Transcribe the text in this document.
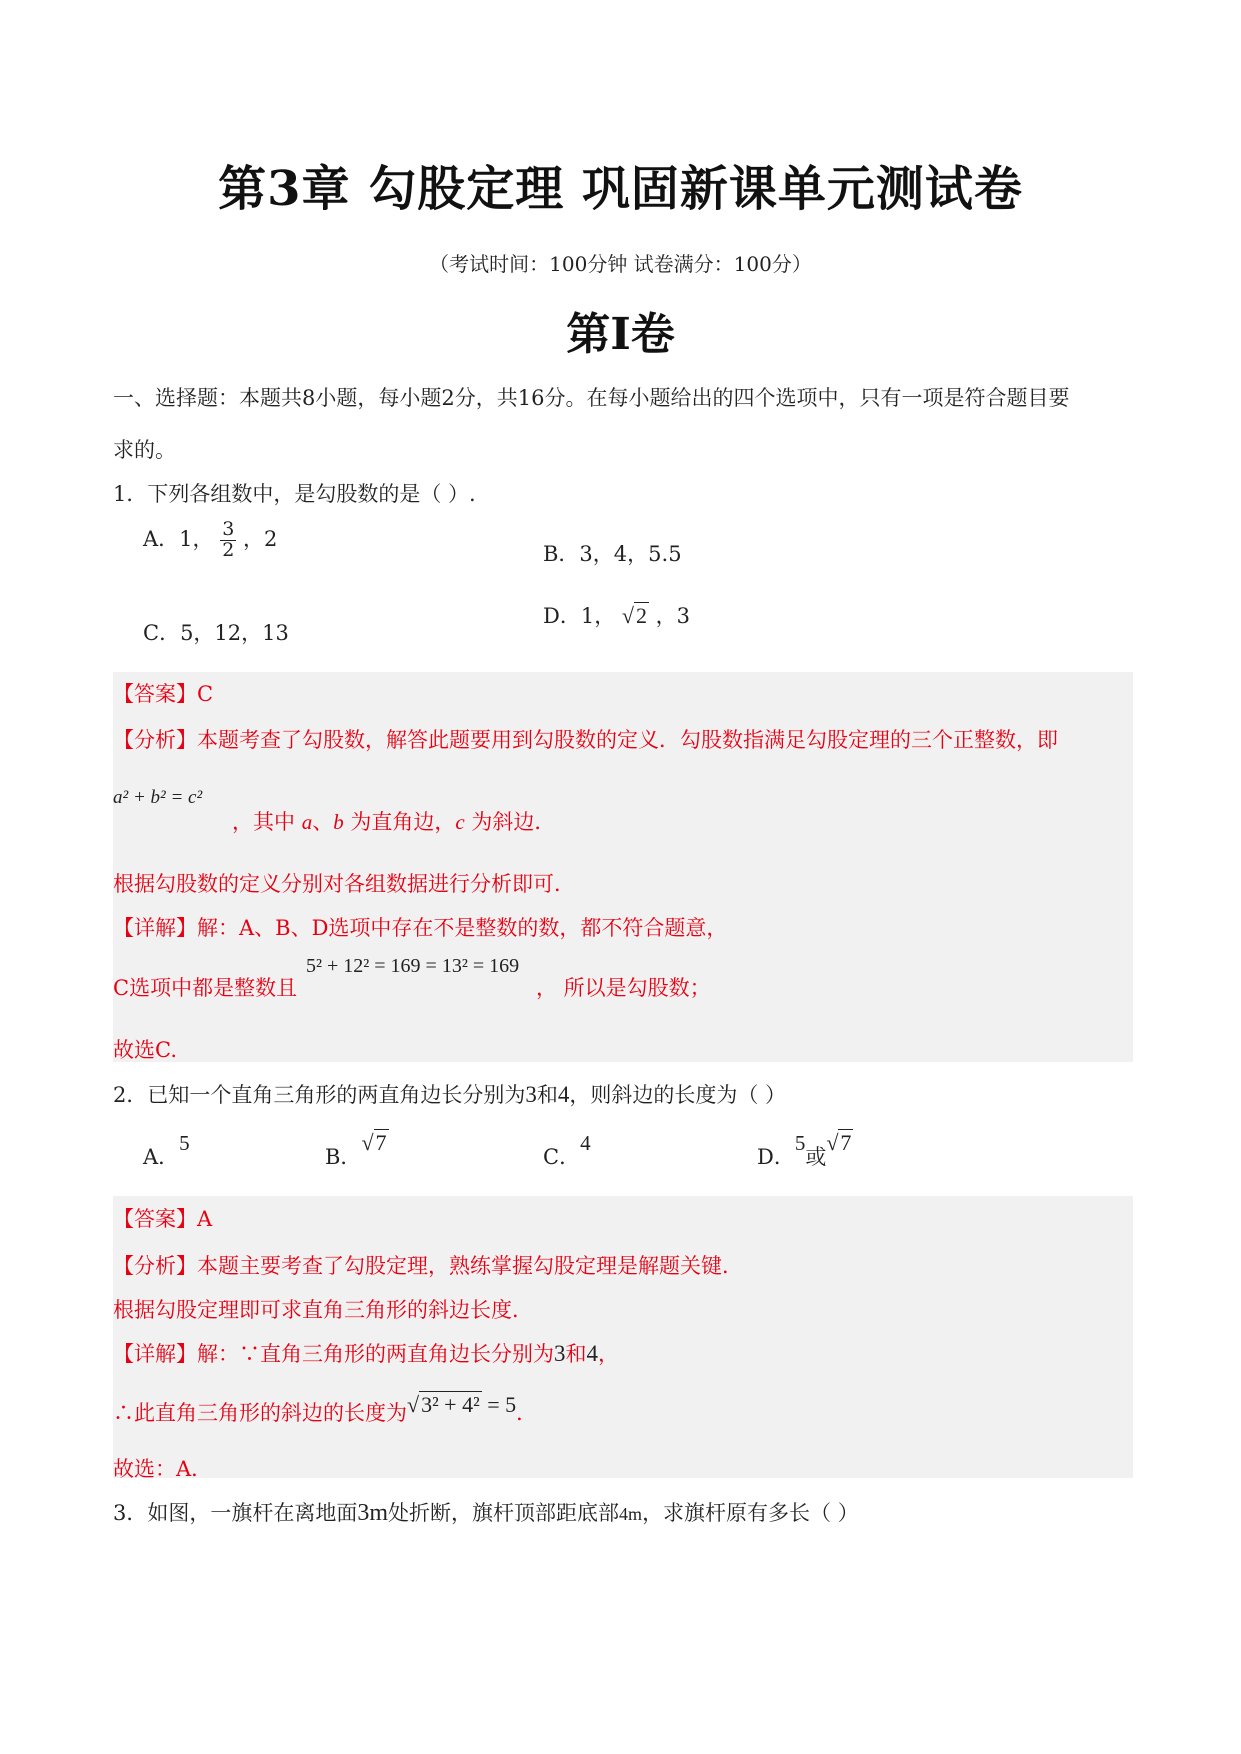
第3章 勾股定理 巩固新课单元测试卷
（考试时间：100分钟 试卷满分：100分）
第Ⅰ卷
一、选择题：本题共8小题，每小题2分，共16分。在每小题给出的四个选项中，只有一项是符合题目要
求的。
1．下列各组数中，是勾股数的是（ ）.
A．1， $\frac{3}{2}$ ，2
B．3，4，5.5
C．5，12，13
D．1， √2 ，3
【答案】C
【分析】本题考查了勾股数，解答此题要用到勾股数的定义．勾股数指满足勾股定理的三个正整数，即
a² + b² = c²
，其中 a、b 为直角边，c 为斜边．
根据勾股数的定义分别对各组数据进行分析即可．
【详解】解：A、B、D选项中存在不是整数的数，都不符合题意，
C选项中都是整数且
5² + 12² = 169 = 13² = 169
， 所以是勾股数；
故选C.
2．已知一个直角三角形的两直角边长分别为3和4，则斜边的长度为（ ）
A．5
B．√7
C．4
D．5或√7
【答案】A
【分析】本题主要考查了勾股定理，熟练掌握勾股定理是解题关键．
根据勾股定理即可求直角三角形的斜边长度．
【详解】解：∵直角三角形的两直角边长分别为3和4，
∴此直角三角形的斜边的长度为√3² + 4² = 5．
故选：A．
3．如图，一旗杆在离地面3m处折断，旗杆顶部距底部4m，求旗杆原有多长（ ）
